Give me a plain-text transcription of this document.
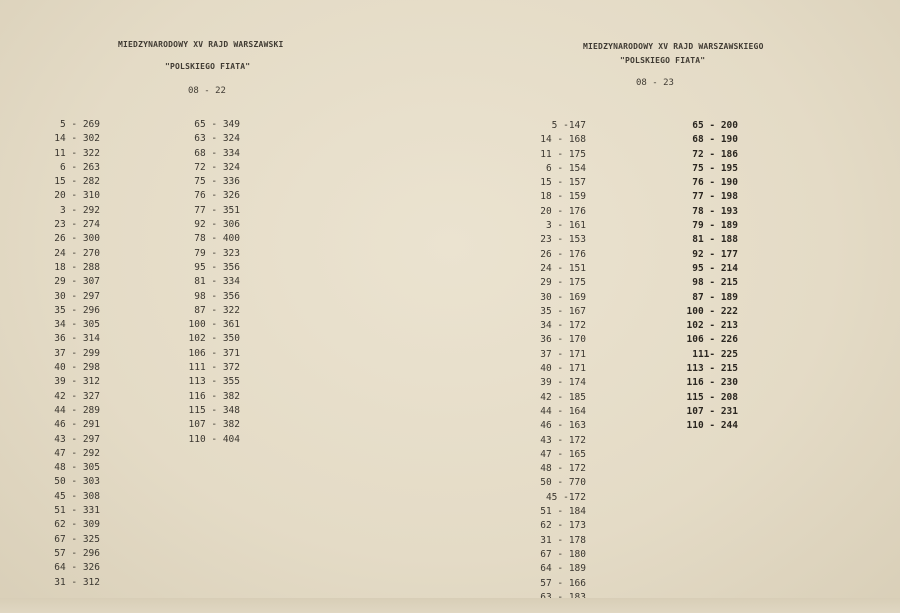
MIEDZYNARODOWY XV RAJD WARSZAWSKI
"POLSKIEGO FIATA"
08 - 22
MIEDZYNARODOWY XV RAJD WARSZAWSKIEGO
"POLSKIEGO FIATA"
08 - 23
5 - 269
14 - 302
11 - 322
6 - 263
15 - 282
20 - 310
3 - 292
23 - 274
26 - 300
24 - 270
18 - 288
29 - 307
30 - 297
35 - 296
34 - 305
36 - 314
37 - 299
40 - 298
39 - 312
42 - 327
44 - 289
46 - 291
43 - 297
47 - 292
48 - 305
50 - 303
45 - 308
51 - 331
62 - 309
67 - 325
57 - 296
64 - 326
31 - 312
65 - 349
63 - 324
68 - 334
72 - 324
75 - 336
76 - 326
77 - 351
92 - 306
78 - 400
79 - 323
95 - 356
81 - 334
98 - 356
87 - 322
100 - 361
102 - 350
106 - 371
111 - 372
113 - 355
116 - 382
115 - 348
107 - 382
110 - 404
5 -147
14 - 168
11 - 175
6 - 154
15 - 157
18 - 159
20 - 176
3 - 161
23 - 153
26 - 176
24 - 151
29 - 175
30 - 169
35 - 167
34 - 172
36 - 170
37 - 171
40 - 171
39 - 174
42 - 185
44 - 164
46 - 163
43 - 172
47 - 165
48 - 172
50 - 770
45 -172
51 - 184
62 - 173
31 - 178
67 - 180
64 - 189
57 - 166
65 - 200
68 - 190
72 - 186
75 - 195
76 - 190
77 - 198
78 - 193
79 - 189
81 - 188
92 - 177
95 - 214
98 - 215
87 - 189
100 - 222
102 - 213
106 - 226
111- 225
113 - 215
116 - 230
115 - 208
107 - 231
110 - 244
